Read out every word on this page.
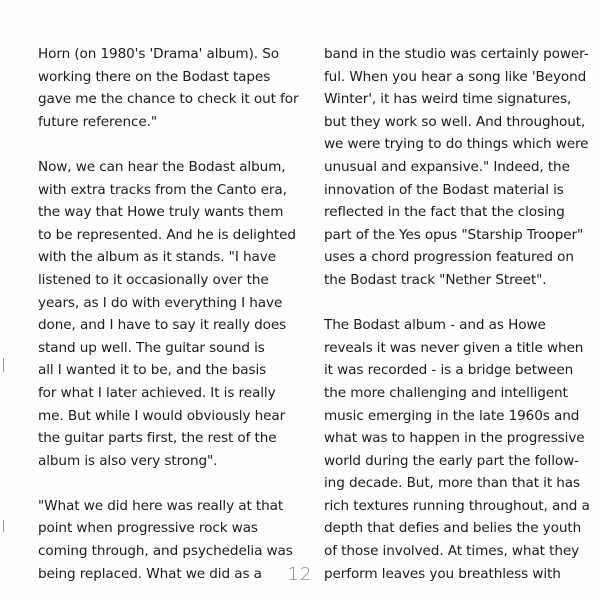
Horn (on 1980's 'Drama' album). So
working there on the Bodast tapes
gave me the chance to check it out for
future reference."

Now, we can hear the Bodast album,
with extra tracks from the Canto era,
the way that Howe truly wants them
to be represented. And he is delighted
with the album as it stands. "I have
listened to it occasionally over the
years, as I do with everything I have
done, and I have to say it really does
stand up well. The guitar sound is
all I wanted it to be, and the basis
for what I later achieved. It is really
me. But while I would obviously hear
the guitar parts first, the rest of the
album is also very strong".

"What we did here was really at that
point when progressive rock was
coming through, and psychedelia was
being replaced. What we did as a

band in the studio was certainly power-
ful. When you hear a song like 'Beyond
Winter', it has weird time signatures,
but they work so well. And throughout,
we were trying to do things which were
unusual and expansive." Indeed, the
innovation of the Bodast material is
reflected in the fact that the closing
part of the Yes opus "Starship Trooper"
uses a chord progression featured on
the Bodast track "Nether Street".

The Bodast album - and as Howe
reveals it was never given a title when
it was recorded - is a bridge between
the more challenging and intelligent
music emerging in the late 1960s and
what was to happen in the progressive
world during the early part the follow-
ing decade. But, more than that it has
rich textures running throughout, and a
depth that defies and belies the youth
of those involved. At times, what they
perform leaves you breathless with

12
